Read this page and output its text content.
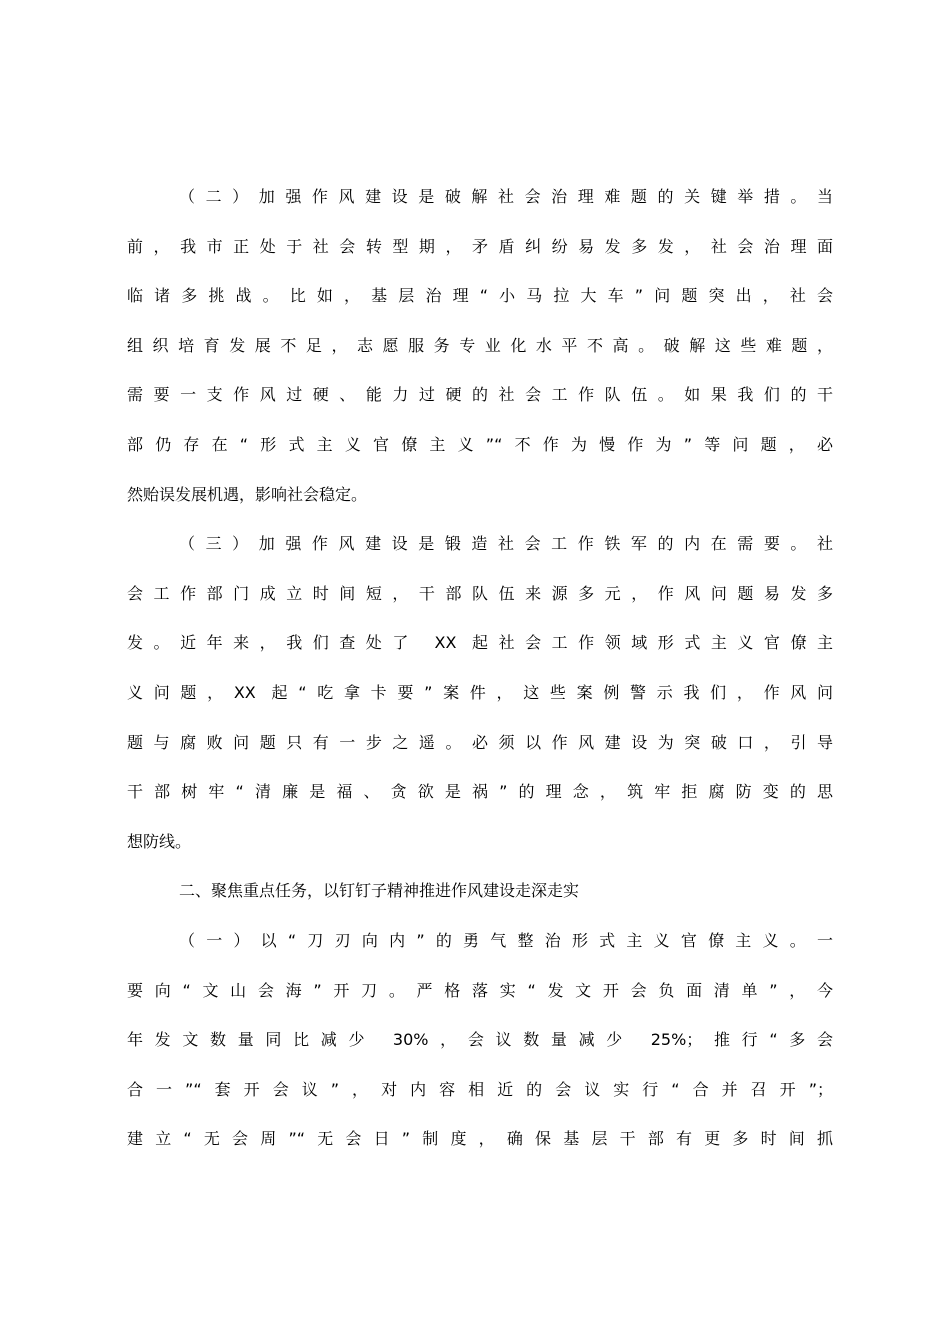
（二）加强作风建设是破解社会治理难题的关键举措。当
前，我市正处于社会转型期，矛盾纠纷易发多发，社会治理面
临诸多挑战。比如，基层治理“小马拉大车”问题突出，社会
组织培育发展不足，志愿服务专业化水平不高。破解这些难题，
需要一支作风过硬、能力过硬的社会工作队伍。如果我们的干
部仍存在“形式主义官僚主义”“不作为慢作为”等问题，必
然贻误发展机遇，影响社会稳定。
（三）加强作风建设是锻造社会工作铁军的内在需要。社
会工作部门成立时间短，干部队伍来源多元，作风问题易发多
发。近年来，我们查处了 XX 起社会工作领域形式主义官僚主
义问题，XX 起“吃拿卡要”案件，这些案例警示我们，作风问
题与腐败问题只有一步之遥。必须以作风建设为突破口，引导
干部树牢“清廉是福、贪欲是祸”的理念，筑牢拒腐防变的思
想防线。
二、聚焦重点任务，以钉钉子精神推进作风建设走深走实
（一）以“刀刃向内”的勇气整治形式主义官僚主义。一
要向“文山会海”开刀。严格落实“发文开会负面清单”，今
年发文数量同比减少 30%，会议数量减少 25%；推行“多会
合一”“套开会议”，对内容相近的会议实行“合并召开”；
建立“无会周”“无会日”制度，确保基层干部有更多时间抓
